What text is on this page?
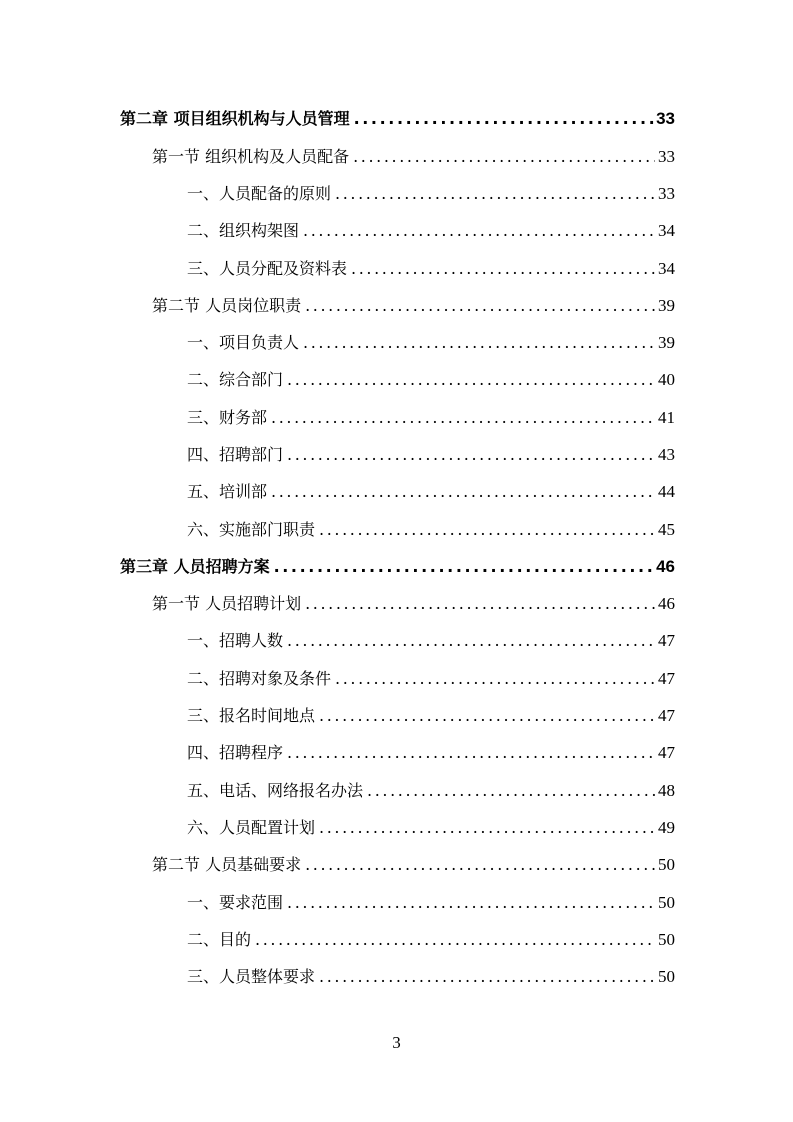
第二章 项目组织机构与人员管理 .....	33
第一节 组织机构及人员配备 .....	33
一、人员配备的原则 .....	33
二、组织构架图 .....	34
三、人员分配及资料表 .....	34
第二节 人员岗位职责 .....	39
一、项目负责人 .....	39
二、综合部门 .....	40
三、财务部 .....	41
四、招聘部门 .....	43
五、培训部 .....	44
六、实施部门职责 .....	45
第三章 人员招聘方案 .....	46
第一节 人员招聘计划 .....	46
一、招聘人数 .....	47
二、招聘对象及条件 .....	47
三、报名时间地点 .....	47
四、招聘程序 .....	47
五、电话、网络报名办法 .....	48
六、人员配置计划 .....	49
第二节 人员基础要求 .....	50
一、要求范围 .....	50
二、目的 .....	50
三、人员整体要求 .....	50
3
